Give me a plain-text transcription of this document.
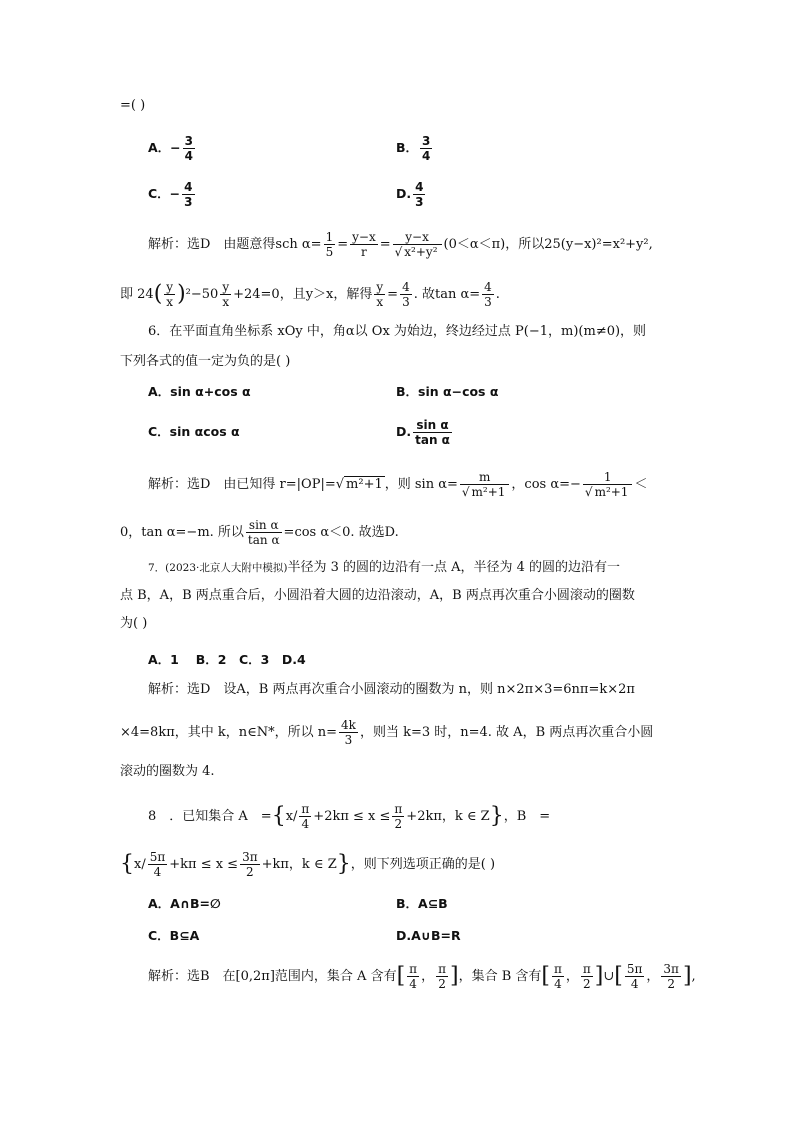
=( )
A．− $\frac{3}{4}$	B． $\frac{3}{4}$
C．− $\frac{4}{3}$	D. $\frac{4}{3}$
解析：选D　由题意得sch $\alpha= \frac{1}{5} = \frac{y-x}{r} = \frac{y-x}{\text{√ x²+y²}} (0<\alpha<\pi)$，所以25(y−x)²=x²+y²,
即 $24( \frac{y}{x} )^2-50 \frac{y}{x} +24=0$，且y＞x，解得 $\frac{y}{x} = \frac{4}{3}$ . 故$\tan \alpha= \frac{4}{3}$ .
6．在平面直角坐标系 xOy 中，角α以 Ox 为始边，终边经过点 P(−1，m)(m≠0)，则
下列各式的值一定为负的是( )
A．sin α+cos α	B．sin α−cos α
C．sin αcos α	D. $\frac{\text{sin α}}{\text{tan α}}$
解析：选D　由已知得 r=|OP|=√ m²+1 ，则 $\sin \alpha= \frac{m}{\text{√ m²+1}}$ ，$\cos \alpha=- \frac{1}{\text{√ m²+1}}$ ＜
0，tan α=−m. 所以 $\frac{\text{sin α}}{\text{tan α}} =\cos$ α＜0. 故选D.
7．(2023·北京人大附中模拟)半径为 3 的圆的边沿有一点 A，半径为 4 的圆的边沿有一
点 B，A，B 两点重合后，小圆沿着大圆的边沿滚动，A，B 两点再次重合小圆滚动的圈数
为( )
A．1　 B．2　C．3　D.4
解析：选D　设A，B 两点再次重合小圆滚动的圈数为 n，则 n×2π×3=6nπ=k×2π
×4=8kπ，其中 k，n∈N*，所以 $n= \frac{4k}{3}$ ，则当 k=3 时，n=4. 故 A，B 两点再次重合小圆
滚动的圈数为 4.
8　．已知集合 A　$=\{x/ \frac{\pi}{4} +2k\pi \le x \le \frac{\pi}{2} +2k\pi$，k ∈ Z}，B　=
{$x/ \frac{5\pi}{4} +k\pi \le x \le \frac{3\pi}{2} +k\pi$，k ∈ Z}，则下列选项正确的是( )
A．A∩B=∅	B．A⊆B
C．B⊆A	D.A∪B=R
解析：选B　在[0,2π]范围内，集合 A 含有[ $\frac{\pi}{4}$ ， $\frac{\pi}{2}$ ]，集合 B 含有[ $\frac{\pi}{4}$ ， $\frac{\pi}{2}$ ]∪[ $\frac{5\pi}{4}$ ， $\frac{3\pi}{2}$ ],
